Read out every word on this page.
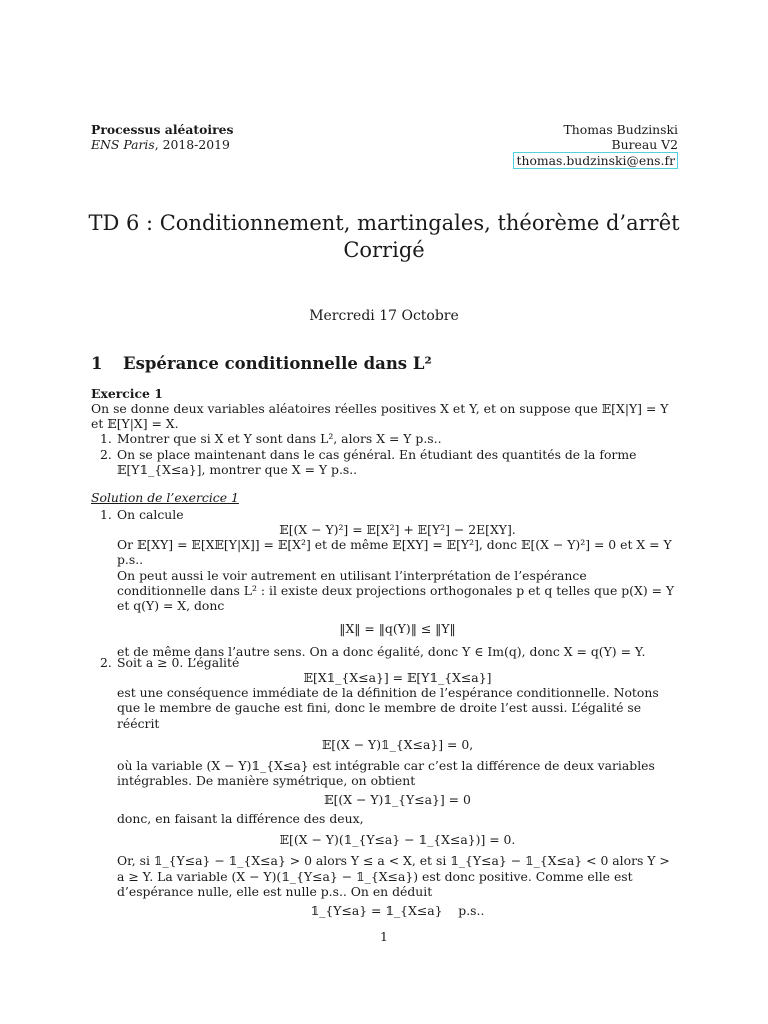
Processus aléatoires
ENS Paris, 2018-2019
Thomas Budzinski
Bureau V2
thomas.budzinski@ens.fr
TD 6 : Conditionnement, martingales, théorème d’arrêt
Corrigé
Mercredi 17 Octobre
1 Espérance conditionnelle dans L²
Exercice 1

On se donne deux variables aléatoires réelles positives X et Y, et on suppose que 𝔼[X|Y] = Y et 𝔼[Y|X] = X.

1. Montrer que si X et Y sont dans L², alors X = Y p.s..
2. On se place maintenant dans le cas général. En étudiant des quantités de la forme 𝔼[Y𝟙_{X≤a}], montrer que X = Y p.s..
Solution de l’exercice 1
1. On calcule

𝔼[(X − Y)²] = 𝔼[X²] + 𝔼[Y²] − 2E[XY].

Or 𝔼[XY] = 𝔼[X𝔼[Y|X]] = 𝔼[X²] et de même 𝔼[XY] = 𝔼[Y²], donc 𝔼[(X − Y)²] = 0 et X = Y p.s..

On peut aussi le voir autrement en utilisant l’interprétation de l’espérance conditionnelle dans L² : il existe deux projections orthogonales p et q telles que p(X) = Y et q(Y) = X, donc

‖X‖ = ‖q(Y)‖ ≤ ‖Y‖

et de même dans l’autre sens. On a donc égalité, donc Y ∈ Im(q), donc X = q(Y) = Y.

2. Soit a ≥ 0. L’égalité

𝔼[X𝟙_{X≤a}] = 𝔼[Y𝟙_{X≤a}]

est une conséquence immédiate de la définition de l’espérance conditionnelle. Notons que le membre de gauche est fini, donc le membre de droite l’est aussi. L’égalité se réécrit

𝔼[(X − Y)𝟙_{X≤a}] = 0,

où la variable (X − Y)𝟙_{X≤a} est intégrable car c’est la différence de deux variables intégrables. De manière symétrique, on obtient

𝔼[(X − Y)𝟙_{Y≤a}] = 0

donc, en faisant la différence des deux,

𝔼[(X − Y)(𝟙_{Y≤a} − 𝟙_{X≤a})] = 0.

Or, si 𝟙_{Y≤a} − 𝟙_{X≤a} > 0 alors Y ≤ a < X, et si 𝟙_{Y≤a} − 𝟙_{X≤a} < 0 alors Y > a ≥ Y. La variable (X − Y)(𝟙_{Y≤a} − 𝟙_{X≤a}) est donc positive. Comme elle est d’espérance nulle, elle est nulle p.s.. On en déduit

𝟙_{Y≤a} = 𝟙_{X≤a}    p.s..

1
